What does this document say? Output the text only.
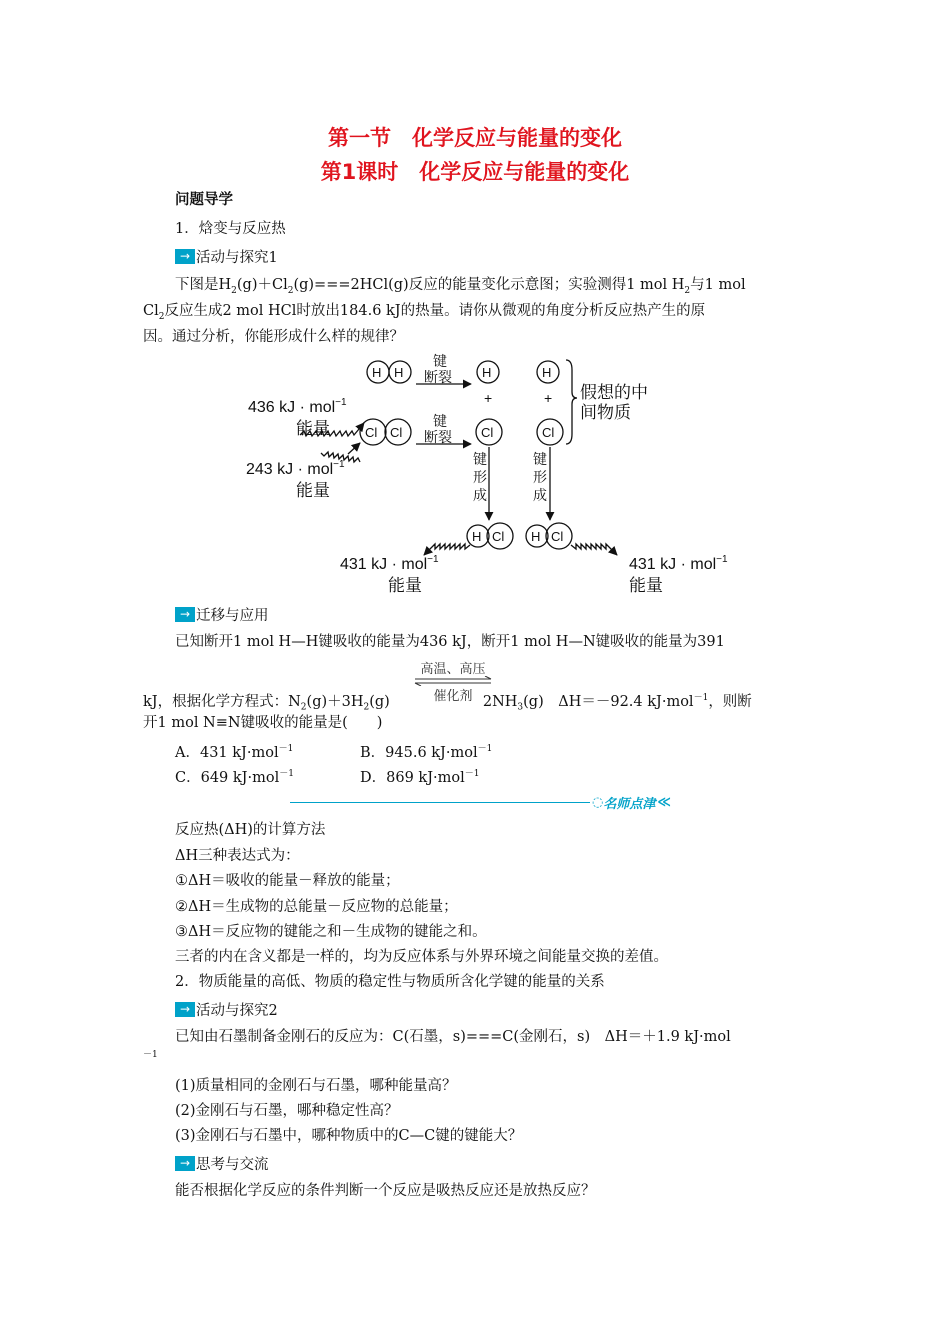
第一节　化学反应与能量的变化
第1课时　化学反应与能量的变化
问题导学
1．焓变与反应热
→ 活动与探究1
下图是$H_2(g)+Cl_2(g)===2HCl(g)$反应的能量变化示意图；实验测得1 mol $H_2$与1 mol
$Cl_2$反应生成2 mol HCl时放出184.6 kJ的热量。请你从微观的角度分析反应热产生的原
因。通过分析，你能形成什么样的规律？
H H	H	H
Cl Cl	Cl	Cl
H Cl H Cl
+	+
键
断裂
键
断裂
键
形
成
键
形
成
假想的中
间物质
436 kJ · mol$^{-1}$
能量
243 kJ · mol$^{-1}$
能量
431 kJ · mol$^{-1}$
能量
431 kJ · mol$^{-1}$
能量
→ 迁移与应用
已知断开1 mol H—H键吸收的能量为436 kJ，断开1 mol H—N键吸收的能量为391
高温、高压
催化剂
kJ，根据化学方程式：$N_2(g)+3H_2(g)$	$2NH_3(g)$　ΔH＝－92.4 kJ·mol$^{-1}$，则断
开1 mol N≡N键吸收的能量是(　　)
A．431 kJ·mol$^{-1}$	B．945.6 kJ·mol$^{-1}$
C．649 kJ·mol$^{-1}$	D．869 kJ·mol$^{-1}$
◌ 名师点津 ≪
反应热(ΔH)的计算方法
ΔH三种表达式为：
①ΔH＝吸收的能量－释放的能量；
②ΔH＝生成物的总能量－反应物的总能量；
③ΔH＝反应物的键能之和－生成物的键能之和。
三者的内在含义都是一样的，均为反应体系与外界环境之间能量交换的差值。
2．物质能量的高低、物质的稳定性与物质所含化学键的能量的关系
→ 活动与探究2
已知由石墨制备金刚石的反应为：C(石墨，s)===C(金刚石，s)　ΔH＝＋1.9 kJ·mol
－1
(1)质量相同的金刚石与石墨，哪种能量高？
(2)金刚石与石墨，哪种稳定性高？
(3)金刚石与石墨中，哪种物质中的C—C键的键能大？
→ 思考与交流
能否根据化学反应的条件判断一个反应是吸热反应还是放热反应？
